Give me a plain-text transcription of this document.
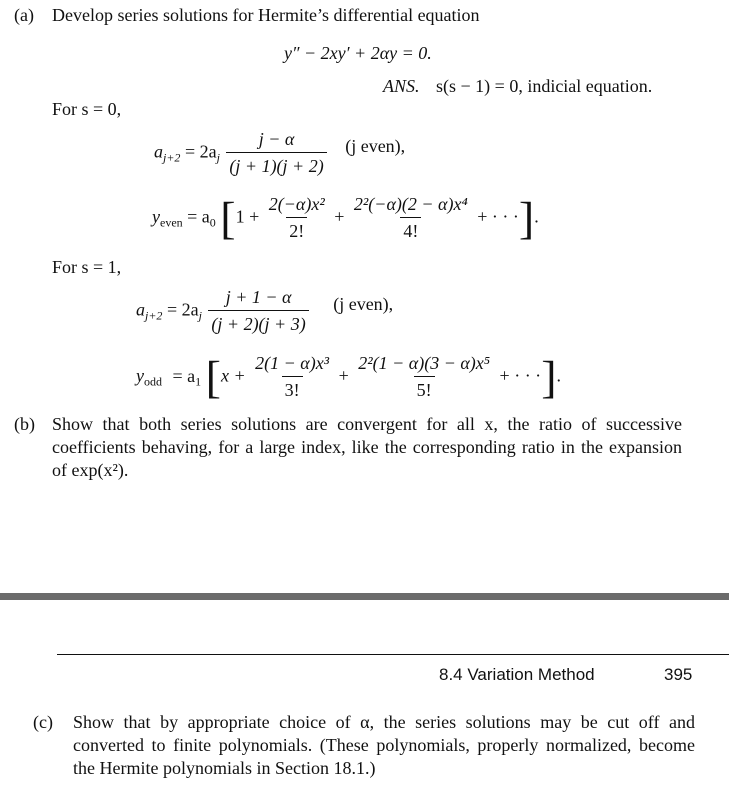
(a) Develop series solutions for Hermite’s differential equation
y″ − 2xy′ + 2αy = 0.
ANS. s(s − 1) = 0, indicial equation.
For s = 0,
$a_{j+2} = 2a_j \frac{j - \alpha}{(j + 1)(j + 2)} (j$ even),
$y_{even} = a_0$ [$1 + \frac{\text{2(−α)x²}}{2!} + \frac{\text{2²(−α)(2 − α)x⁴}}{4!}$ + · · ·].
For s = 1,
$a_{j+2} = 2a_j \frac{j + 1 - \alpha}{(j + 2)(j + 3)} (j$ even),
$y_{odd} = a_1$ [$x + \frac{\text{2(1 − α)x³}}{3!} + \frac{\text{2²(1 − α)(3 − α)x⁵}}{5!}$ + · · ·].
(b) Show that both series solutions are convergent for all x, the ratio of successive coefficients behaving, for a large index, like the corresponding ratio in the expansion of exp(x²).
8.4 Variation Method	395
(c) Show that by appropriate choice of α, the series solutions may be cut off and converted to finite polynomials. (These polynomials, properly normalized, become the Hermite polynomials in Section 18.1.)
